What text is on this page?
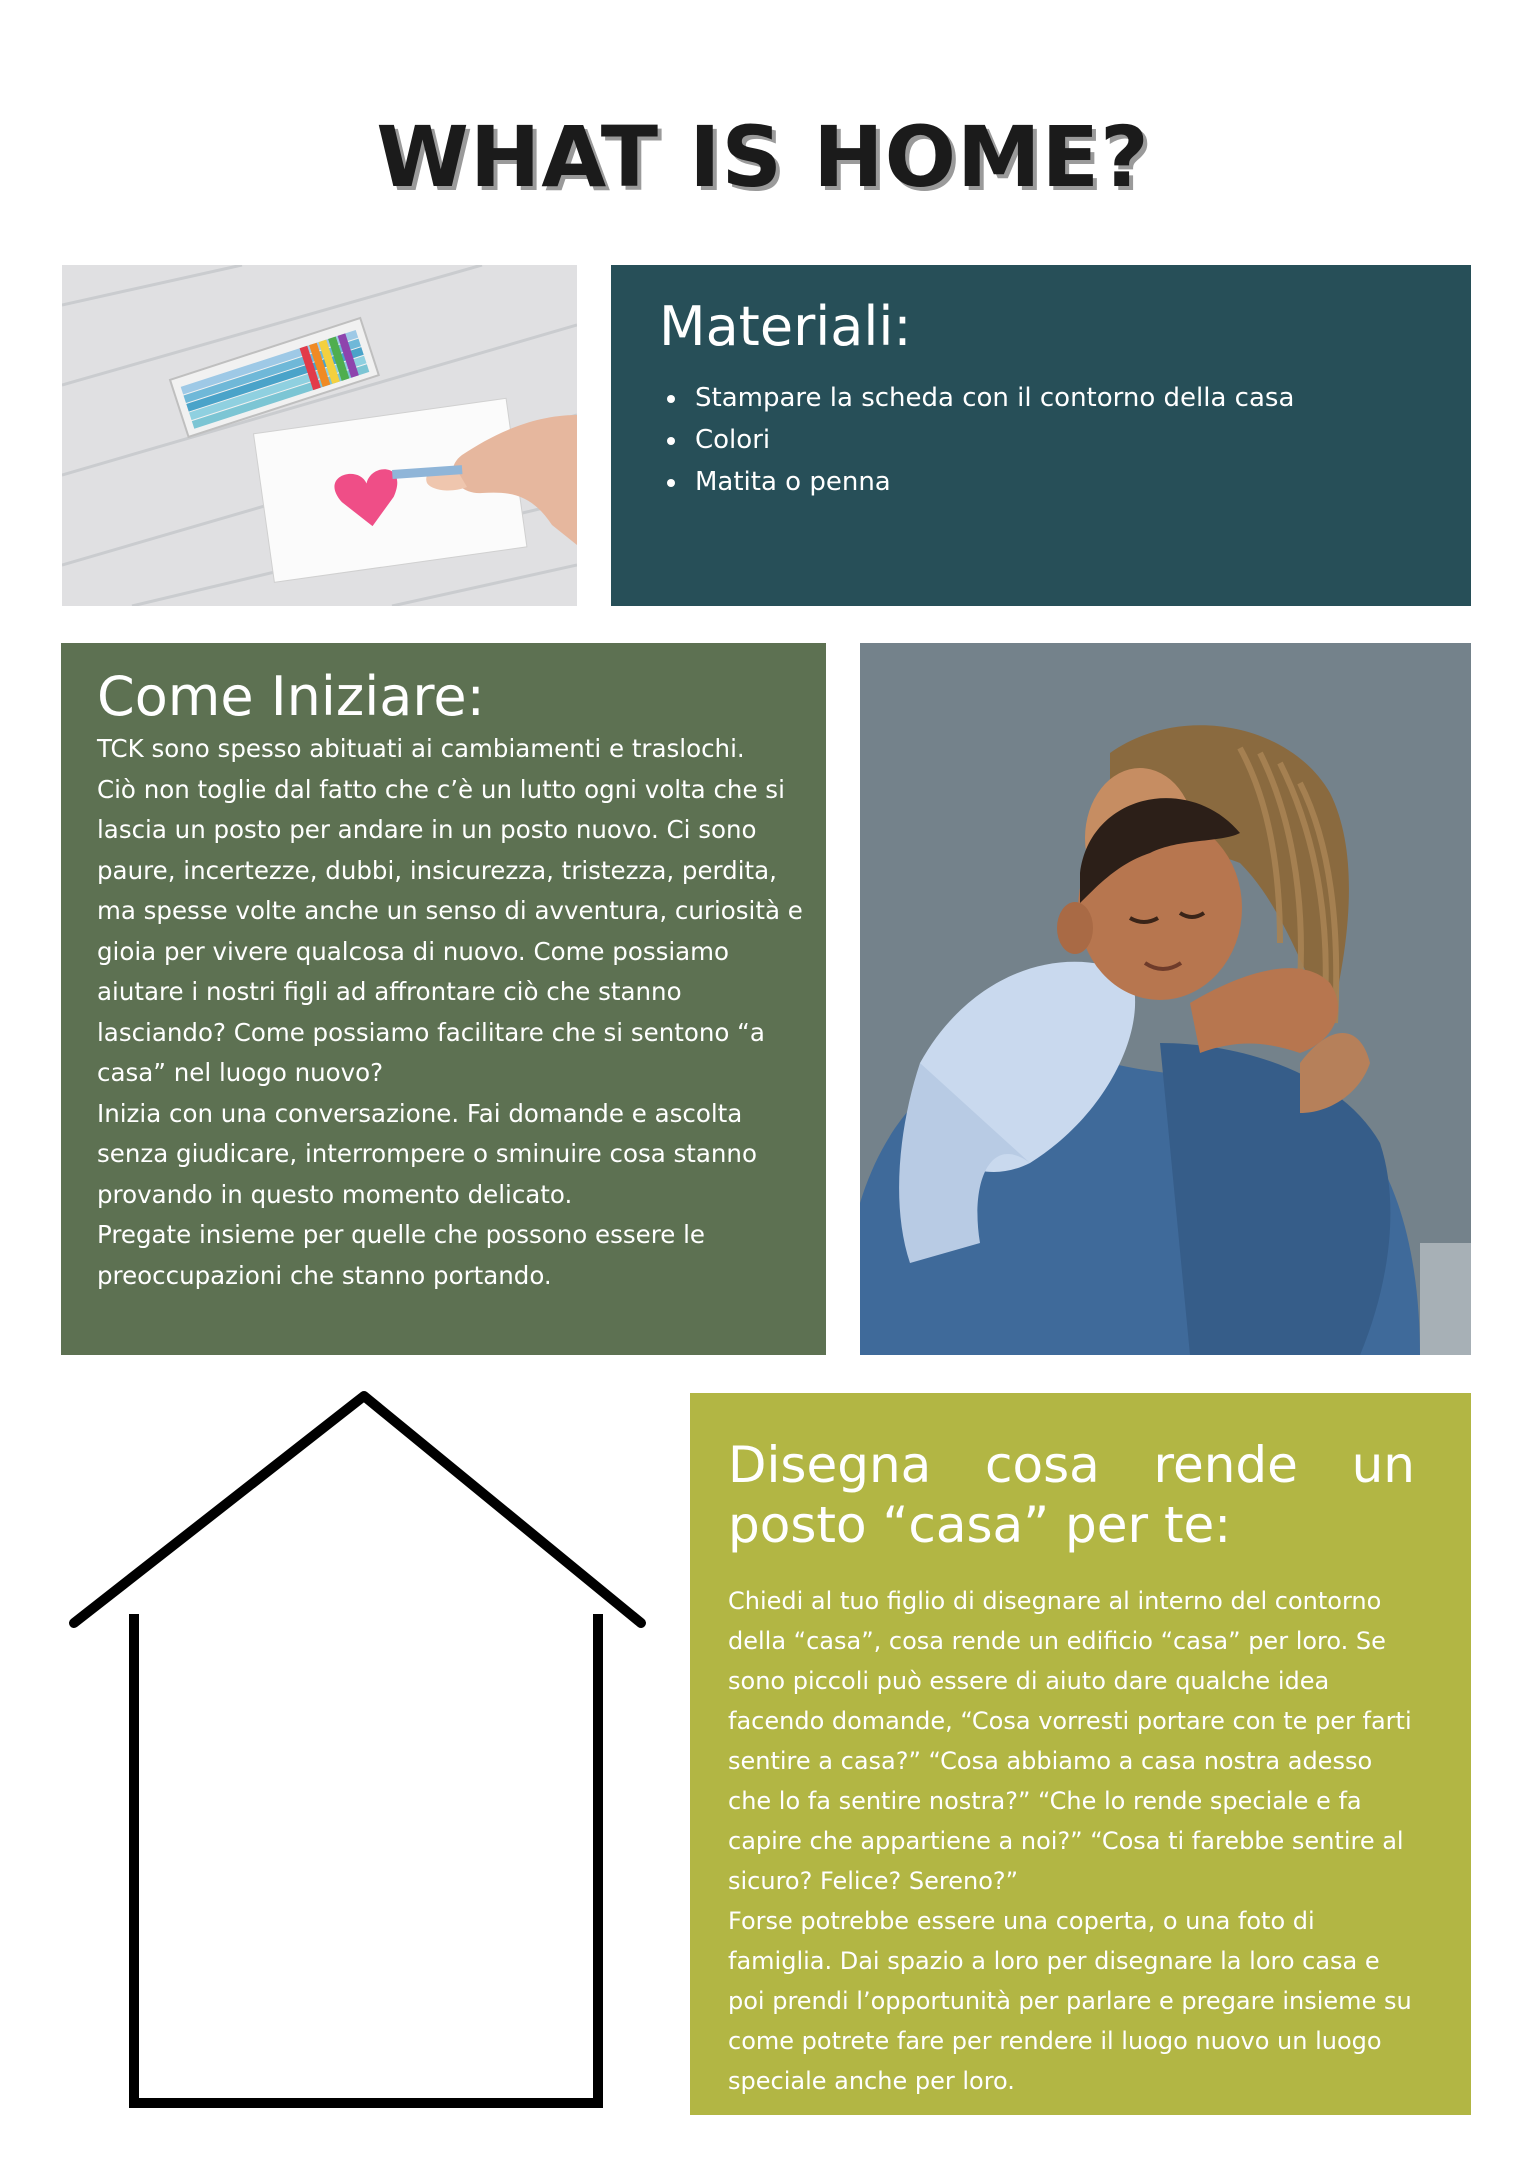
WHAT IS HOME?
Materiali:
• Stampare la scheda con il contorno della casa
• Colori
• Matita o penna
Come Iniziare:

TCK sono spesso abituati ai cambiamenti e traslochi.
Ciò non toglie dal fatto che c’è un lutto ogni volta che si lascia un posto per andare in un posto nuovo. Ci sono paure, incertezze, dubbi, insicurezza, tristezza, perdita, ma spesse volte anche un senso di avventura, curiosità e gioia per vivere qualcosa di nuovo. Come possiamo aiutare i nostri figli ad affrontare ciò che stanno lasciando? Come possiamo facilitare che si sentono “a casa” nel luogo nuovo?
Inizia con una conversazione. Fai domande e ascolta senza giudicare, interrompere o sminuire cosa stanno provando in questo momento delicato.
Pregate insieme per quelle che possono essere le preoccupazioni che stanno portando.

Disegna cosa rende un posto “casa” per te:

Chiedi al tuo figlio di disegnare al interno del contorno della “casa”, cosa rende un edificio “casa” per loro. Se sono piccoli può essere di aiuto dare qualche idea facendo domande, “Cosa vorresti portare con te per farti sentire a casa?” “Cosa abbiamo a casa nostra adesso che lo fa sentire nostra?” “Che lo rende speciale e fa capire che appartiene a noi?” “Cosa ti farebbe sentire al sicuro? Felice? Sereno?”
Forse potrebbe essere una coperta, o una foto di famiglia. Dai spazio a loro per disegnare la loro casa e poi prendi l’opportunità per parlare e pregare insieme su come potrete fare per rendere il luogo nuovo un luogo speciale anche per loro.
